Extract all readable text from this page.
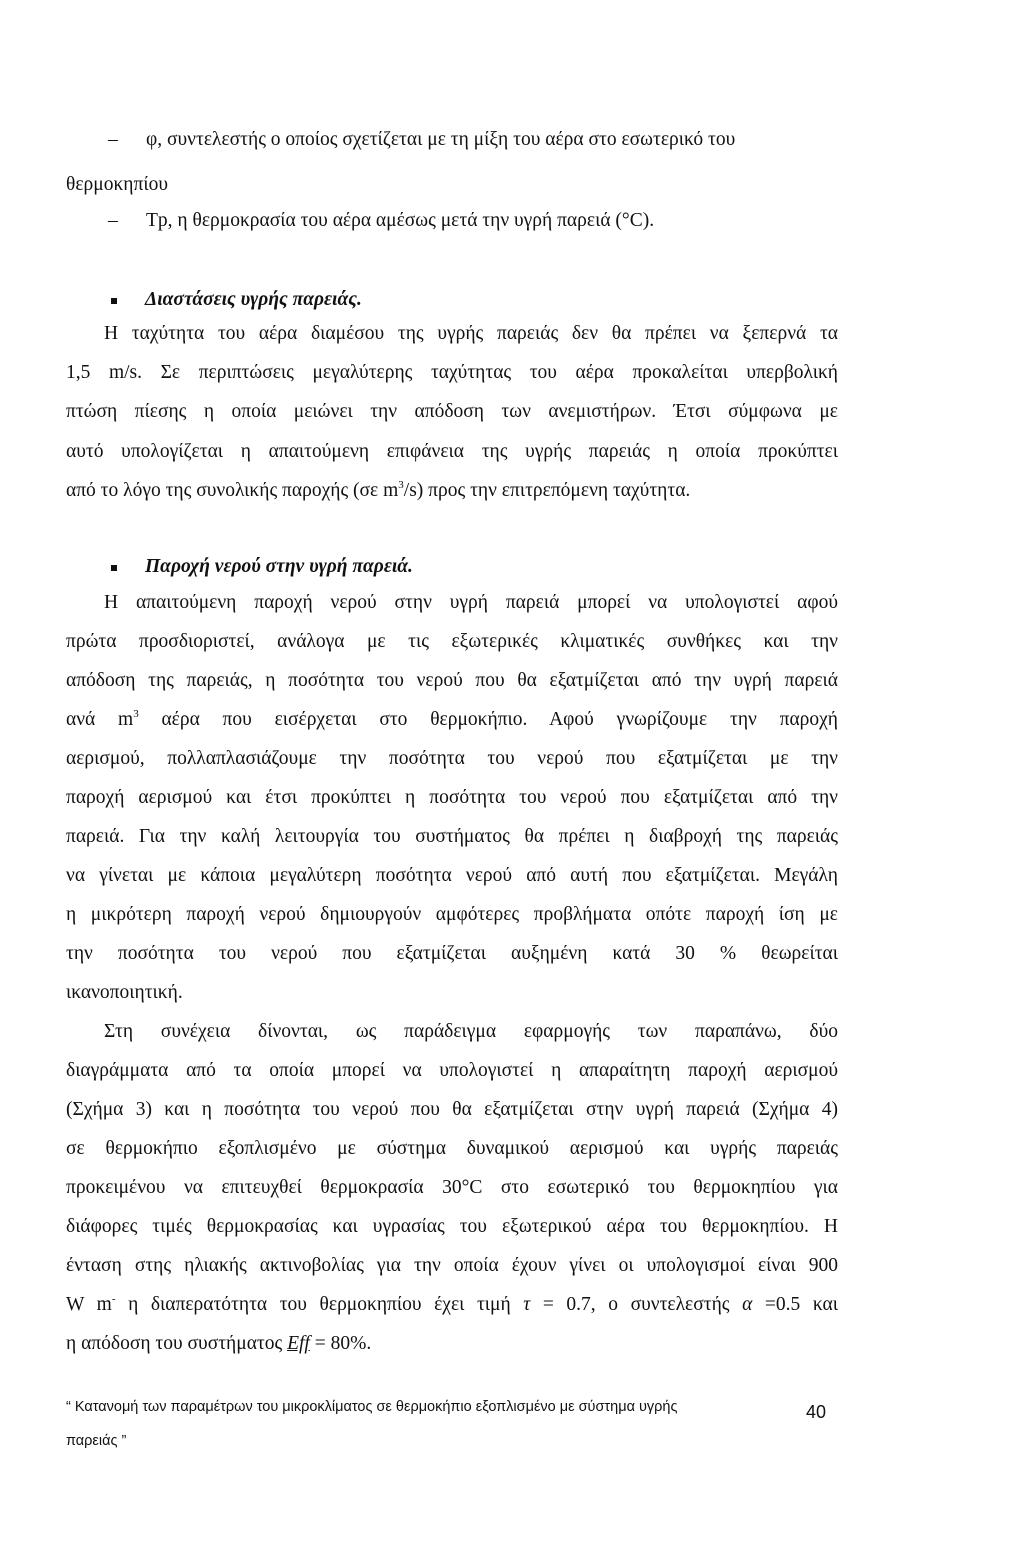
– φ, συντελεστής ο οποίος σχετίζεται με τη μίξη του αέρα στο εσωτερικό του

θερμοκηπίου

– Tp, η θερμοκρασία του αέρα αμέσως μετά την υγρή παρειά (°C).

Διαστάσεις υγρής παρειάς.

Η ταχύτητα του αέρα διαμέσου της υγρής παρειάς δεν θα πρέπει να ξεπερνά τα

1,5 m/s. Σε περιπτώσεις μεγαλύτερης ταχύτητας του αέρα προκαλείται υπερβολική

πτώση πίεσης η οποία μειώνει την απόδοση των ανεμιστήρων. Έτσι σύμφωνα με

αυτό υπολογίζεται η απαιτούμενη επιφάνεια της υγρής παρειάς η οποία προκύπτει

από το λόγο της συνολικής παροχής (σε $m^3/s$) προς την επιτρεπόμενη ταχύτητα.

Παροχή νερού στην υγρή παρειά.

Η απαιτούμενη παροχή νερού στην υγρή παρειά μπορεί να υπολογιστεί αφού

πρώτα προσδιοριστεί, ανάλογα με τις εξωτερικές κλιματικές συνθήκες και την

απόδοση της παρειάς, η ποσότητα του νερού που θα εξατμίζεται από την υγρή παρειά

ανά $m^3$ αέρα που εισέρχεται στο θερμοκήπιο. Αφού γνωρίζουμε την παροχή

αερισμού, πολλαπλασιάζουμε την ποσότητα του νερού που εξατμίζεται με την

παροχή αερισμού και έτσι προκύπτει η ποσότητα του νερού που εξατμίζεται από την

παρειά. Για την καλή λειτουργία του συστήματος θα πρέπει η διαβροχή της παρειάς

να γίνεται με κάποια μεγαλύτερη ποσότητα νερού από αυτή που εξατμίζεται. Μεγάλη

η μικρότερη παροχή νερού δημιουργούν αμφότερες προβλήματα οπότε παροχή ίση με

την ποσότητα του νερού που εξατμίζεται αυξημένη κατά 30 % θεωρείται

ικανοποιητική.

Στη συνέχεια δίνονται, ως παράδειγμα εφαρμογής των παραπάνω, δύο

διαγράμματα από τα οποία μπορεί να υπολογιστεί η απαραίτητη παροχή αερισμού

(Σχήμα 3) και η ποσότητα του νερού που θα εξατμίζεται στην υγρή παρειά (Σχήμα 4)

σε θερμοκήπιο εξοπλισμένο με σύστημα δυναμικού αερισμού και υγρής παρειάς

προκειμένου να επιτευχθεί θερμοκρασία 30°C στο εσωτερικό του θερμοκηπίου για

διάφορες τιμές θερμοκρασίας και υγρασίας του εξωτερικού αέρα του θερμοκηπίου. Η

ένταση στης ηλιακής ακτινοβολίας για την οποία έχουν γίνει οι υπολογισμοί είναι 900

W m- η διαπερατότητα του θερμοκηπίου έχει τιμή τ = 0.7, ο συντελεστής α =0.5 και

η απόδοση του συστήματος Eff = 80%.

“ Κατανομή των παραμέτρων του μικροκλίματος σε θερμοκήπιο εξοπλισμένο με σύστημα υγρής
παρειάς ”
40
